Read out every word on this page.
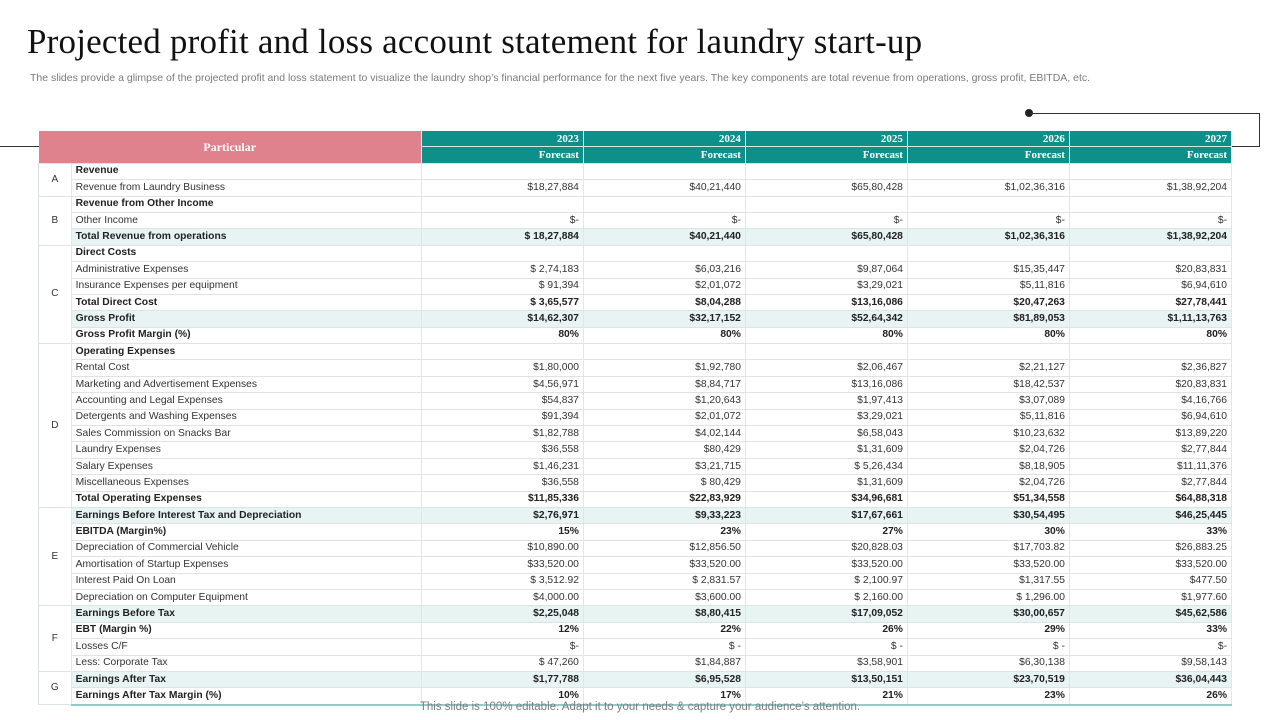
Projected profit and loss account statement for laundry start-up
The slides provide a glimpse of the projected profit and loss statement to visualize the laundry shop’s financial performance for the next five years. The key components are total revenue from operations, gross profit, EBITDA, etc.
Particular		2023	2024	2025	2026	2027
		Forecast	Forecast	Forecast	Forecast	Forecast
A	Revenue					
	Revenue from Laundry Business	$18,27,884	$40,21,440	$65,80,428	$1,02,36,316	$1,38,92,204
B	Revenue from Other Income					
	Other Income	$-	$-	$-	$-	$-
	Total Revenue from operations	$ 18,27,884	$40,21,440	$65,80,428	$1,02,36,316	$1,38,92,204
C	Direct Costs					
	Administrative Expenses	$ 2,74,183	$6,03,216	$9,87,064	$15,35,447	$20,83,831
	Insurance Expenses per equipment	$ 91,394	$2,01,072	$3,29,021	$5,11,816	$6,94,610
	Total Direct Cost	$ 3,65,577	$8,04,288	$13,16,086	$20,47,263	$27,78,441
	Gross Profit	$14,62,307	$32,17,152	$52,64,342	$81,89,053	$1,11,13,763
	Gross Profit Margin (%)	80%	80%	80%	80%	80%
D	Operating Expenses					
	Rental Cost	$1,80,000	$1,92,780	$2,06,467	$2,21,127	$2,36,827
	Marketing and Advertisement Expenses	$4,56,971	$8,84,717	$13,16,086	$18,42,537	$20,83,831
	Accounting and Legal Expenses	$54,837	$1,20,643	$1,97,413	$3,07,089	$4,16,766
	Detergents and Washing Expenses	$91,394	$2,01,072	$3,29,021	$5,11,816	$6,94,610
	Sales Commission on Snacks Bar	$1,82,788	$4,02,144	$6,58,043	$10,23,632	$13,89,220
	Laundry Expenses	$36,558	$80,429	$1,31,609	$2,04,726	$2,77,844
	Salary Expenses	$1,46,231	$3,21,715	$ 5,26,434	$8,18,905	$11,11,376
	Miscellaneous Expenses	$36,558	$ 80,429	$1,31,609	$2,04,726	$2,77,844
	Total Operating Expenses	$11,85,336	$22,83,929	$34,96,681	$51,34,558	$64,88,318
E	Earnings Before Interest Tax and Depreciation	$2,76,971	$9,33,223	$17,67,661	$30,54,495	$46,25,445
	EBITDA (Margin%)	15%	23%	27%	30%	33%
	Depreciation of Commercial Vehicle	$10,890.00	$12,856.50	$20,828.03	$17,703.82	$26,883.25
	Amortisation of Startup Expenses	$33,520.00	$33,520.00	$33,520.00	$33,520.00	$33,520.00
	Interest Paid On Loan	$ 3,512.92	$ 2,831.57	$ 2,100.97	$1,317.55	$477.50
	Depreciation on Computer Equipment	$4,000.00	$3,600.00	$ 2,160.00	$ 1,296.00	$1,977.60
F	Earnings Before Tax	$2,25,048	$8,80,415	$17,09,052	$30,00,657	$45,62,586
	EBT (Margin %)	12%	22%	26%	29%	33%
	Losses C/F	$-	$ -	$ -	$ -	$-
	Less: Corporate Tax	$ 47,260	$1,84,887	$3,58,901	$6,30,138	$9,58,143
G	Earnings After Tax	$1,77,788	$6,95,528	$13,50,151	$23,70,519	$36,04,443
	Earnings After Tax Margin (%)	10%	17%	21%	23%	26%
This slide is 100% editable. Adapt it to your needs & capture your audience’s attention.
